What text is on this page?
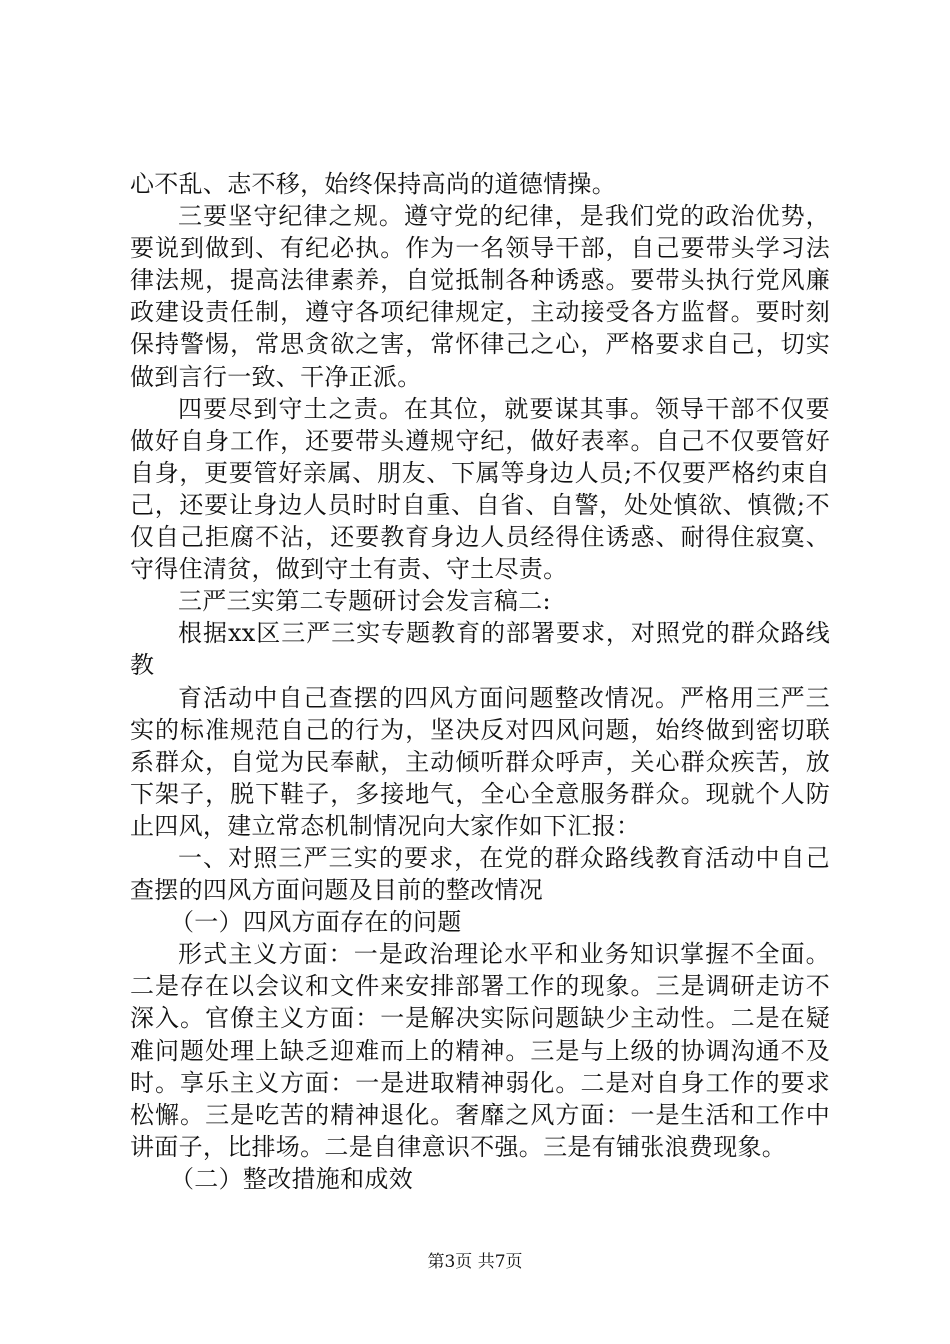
心不乱、志不移，始终保持高尚的道德情操。

三要坚守纪律之规。遵守党的纪律，是我们党的政治优势，要说到做到、有纪必执。作为一名领导干部，自己要带头学习法律法规，提高法律素养，自觉抵制各种诱惑。要带头执行党风廉政建设责任制，遵守各项纪律规定，主动接受各方监督。要时刻保持警惕，常思贪欲之害，常怀律己之心，严格要求自己，切实做到言行一致、干净正派。

四要尽到守土之责。在其位，就要谋其事。领导干部不仅要做好自身工作，还要带头遵规守纪，做好表率。自己不仅要管好自身，更要管好亲属、朋友、下属等身边人员;不仅要严格约束自己，还要让身边人员时时自重、自省、自警，处处慎欲、慎微;不仅自己拒腐不沾，还要教育身边人员经得住诱惑、耐得住寂寞、守得住清贫，做到守土有责、守土尽责。

三严三实第二专题研讨会发言稿二:

根据xx区三严三实专题教育的部署要求，对照党的群众路线教

育活动中自己查摆的四风方面问题整改情况。严格用三严三实的标准规范自己的行为，坚决反对四风问题，始终做到密切联系群众，自觉为民奉献，主动倾听群众呼声，关心群众疾苦，放下架子，脱下鞋子，多接地气，全心全意服务群众。现就个人防止四风，建立常态机制情况向大家作如下汇报：

一、对照三严三实的要求，在党的群众路线教育活动中自己查摆的四风方面问题及目前的整改情况

（一）四风方面存在的问题

形式主义方面：一是政治理论水平和业务知识掌握不全面。二是存在以会议和文件来安排部署工作的现象。三是调研走访不深入。官僚主义方面：一是解决实际问题缺少主动性。二是在疑难问题处理上缺乏迎难而上的精神。三是与上级的协调沟通不及时。享乐主义方面：一是进取精神弱化。二是对自身工作的要求松懈。三是吃苦的精神退化。奢靡之风方面：一是生活和工作中讲面子，比排场。二是自律意识不强。三是有铺张浪费现象。

（二）整改措施和成效

第3页 共7页
